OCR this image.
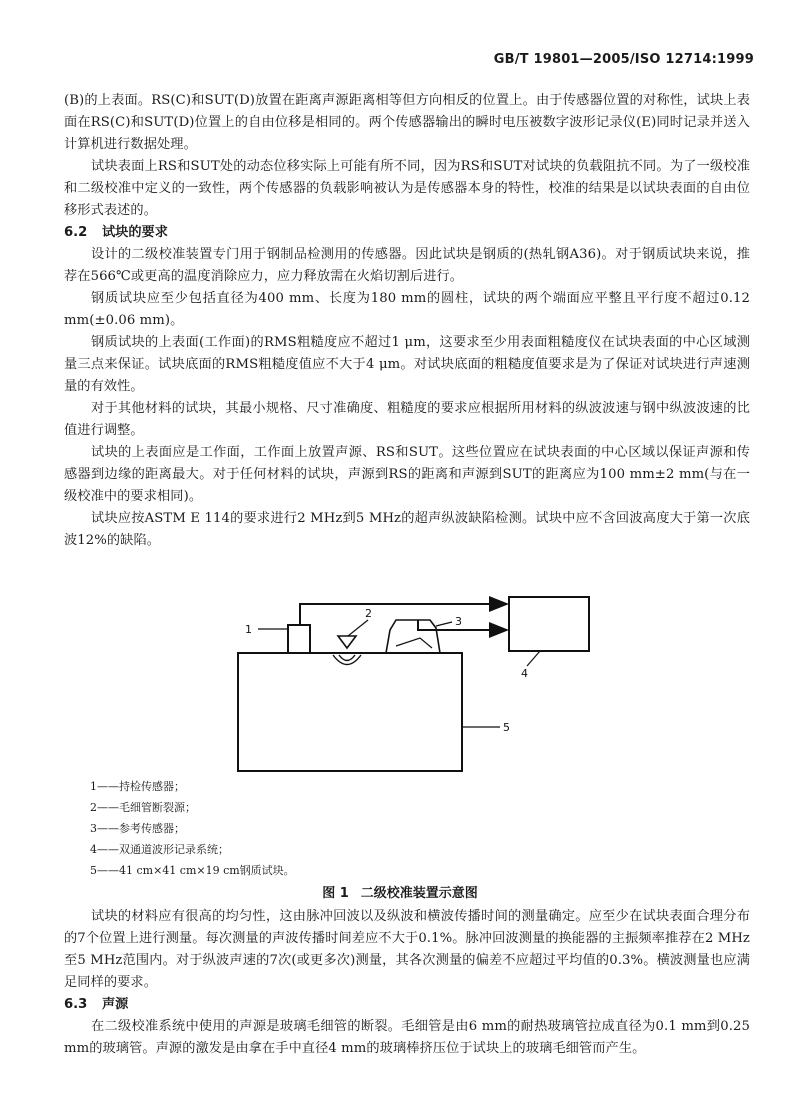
GB/T 19801—2005/ISO 12714:1999

(B)的上表面。RS(C)和SUT(D)放置在距离声源距离相等但方向相反的位置上。由于传感器位置的对称性，试块上表面在RS(C)和SUT(D)位置上的自由位移是相同的。两个传感器输出的瞬时电压被数字波形记录仪(E)同时记录并送入计算机进行数据处理。

试块表面上RS和SUT处的动态位移实际上可能有所不同，因为RS和SUT对试块的负载阻抗不同。为了一级校准和二级校准中定义的一致性，两个传感器的负载影响被认为是传感器本身的特性，校准的结果是以试块表面的自由位移形式表述的。

6.2 试块的要求

设计的二级校准装置专门用于钢制品检测用的传感器。因此试块是钢质的(热轧钢A36)。对于钢质试块来说，推荐在566℃或更高的温度消除应力，应力释放需在火焰切割后进行。

钢质试块应至少包括直径为400 mm、长度为180 mm的圆柱，试块的两个端面应平整且平行度不超过0.12 mm(±0.06 mm)。

钢质试块的上表面(工作面)的RMS粗糙度应不超过1 μm，这要求至少用表面粗糙度仪在试块表面的中心区域测量三点来保证。试块底面的RMS粗糙度值应不大于4 μm。对试块底面的粗糙度值要求是为了保证对试块进行声速测量的有效性。

对于其他材料的试块，其最小规格、尺寸准确度、粗糙度的要求应根据所用材料的纵波波速与钢中纵波波速的比值进行调整。

试块的上表面应是工作面，工作面上放置声源、RS和SUT。这些位置应在试块表面的中心区域以保证声源和传感器到边缘的距离最大。对于任何材料的试块，声源到RS的距离和声源到SUT的距离应为100 mm±2 mm(与在一级校准中的要求相同)。

试块应按ASTM E 114的要求进行2 MHz到5 MHz的超声纵波缺陷检测。试块中应不含回波高度大于第一次底波12%的缺陷。

1
2
3
4
5
1——持检传感器；
2——毛细管断裂源；
3——参考传感器；
4——双通道波形记录系统；
5——41 cm×41 cm×19 cm钢质试块。
图 1 二级校准装置示意图

试块的材料应有很高的均匀性，这由脉冲回波以及纵波和横波传播时间的测量确定。应至少在试块表面合理分布的7个位置上进行测量。每次测量的声波传播时间差应不大于0.1%。脉冲回波测量的换能器的主振频率推荐在2 MHz至5 MHz范围内。对于纵波声速的7次(或更多次)测量，其各次测量的偏差不应超过平均值的0.3%。横波测量也应满足同样的要求。

6.3 声源

在二级校准系统中使用的声源是玻璃毛细管的断裂。毛细管是由6 mm的耐热玻璃管拉成直径为0.1 mm到0.25 mm的玻璃管。声源的激发是由拿在手中直径4 mm的玻璃棒挤压位于试块上的玻璃毛细管而产生。
